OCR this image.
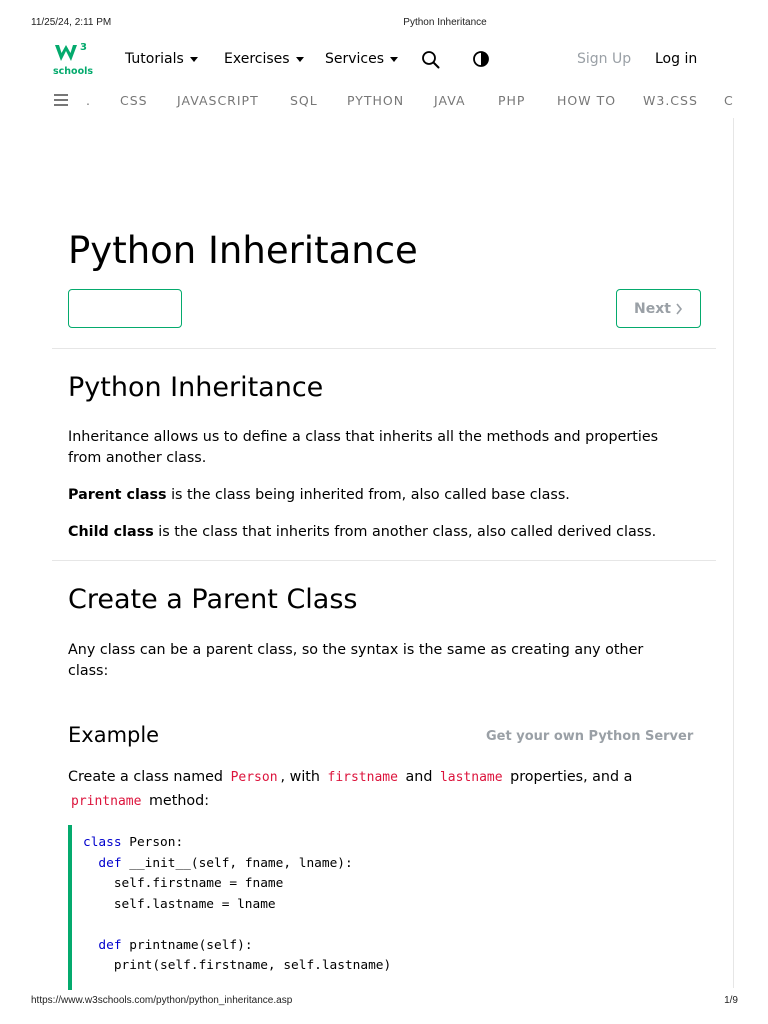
11/25/24, 2:11 PM	Python Inheritance
3
schools
Tutorials	Exercises	Services	Sign Up Log in
. CSS JAVASCRIPT	SQL PYTHON JAVA	PHP	HOW TO W3.CSS C
Python Inheritance
Next
Python Inheritance

Inheritance allows us to define a class that inherits all the methods and properties from another class.

Parent class is the class being inherited from, also called base class.

Child class is the class that inherits from another class, also called derived class.

Create a Parent Class

Any class can be a parent class, so the syntax is the same as creating any other class:

Example	Get your own Python Server

Create a class named Person , with firstname and lastname properties, and a printname method:

class Person:
def __init__(self, fname, lname):
self.firstname = fname
self.lastname = lname

def printname(self):
print(self.firstname, self.lastname)
https://www.w3schools.com/python/python_inheritance.asp	1/9
